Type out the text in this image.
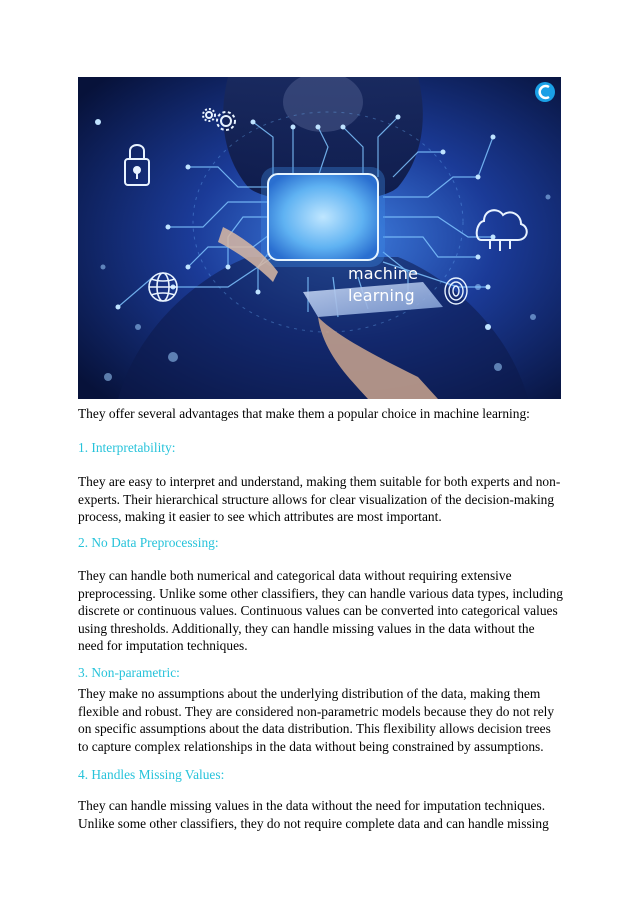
machine
learning
They offer several advantages that make them a popular choice in machine learning:
1. Interpretability:
They are easy to interpret and understand, making them suitable for both experts and non-experts. Their hierarchical structure allows for clear visualization of the decision-making process, making it easier to see which attributes are most important.
2. No Data Preprocessing:
They can handle both numerical and categorical data without requiring extensive preprocessing. Unlike some other classifiers, they can handle various data types, including discrete or continuous values. Continuous values can be converted into categorical values using thresholds. Additionally, they can handle missing values in the data without the need for imputation techniques.
3. Non-parametric:
They make no assumptions about the underlying distribution of the data, making them flexible and robust. They are considered non-parametric models because they do not rely on specific assumptions about the data distribution. This flexibility allows decision trees to capture complex relationships in the data without being constrained by assumptions.
4. Handles Missing Values:
They can handle missing values in the data without the need for imputation techniques. Unlike some other classifiers, they do not require complete data and can handle missing
